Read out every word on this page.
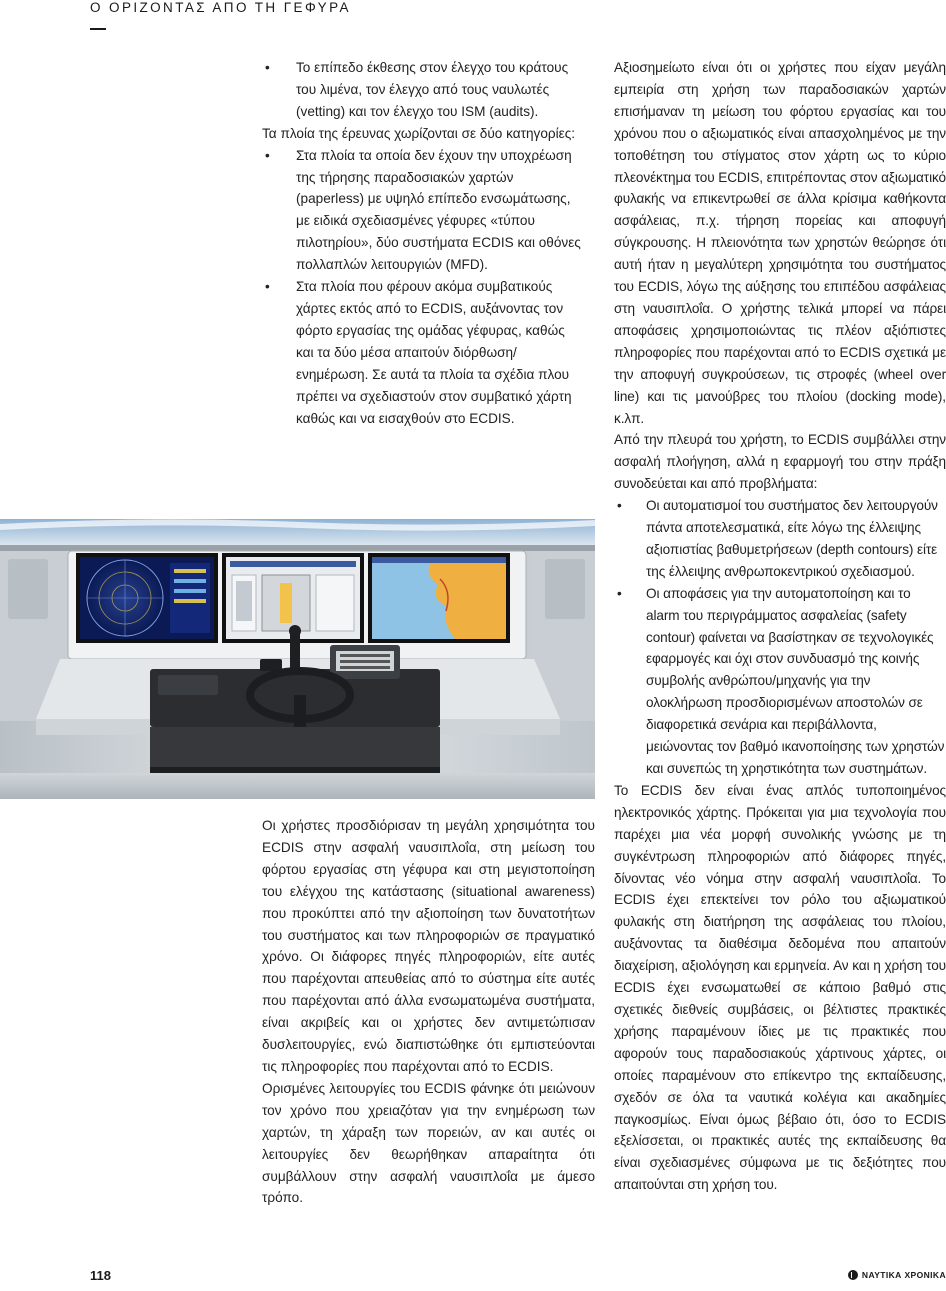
Ο ΟΡΙΖΟΝΤΑΣ ΑΠΟ ΤΗ ΓΕΦΥΡΑ
• Το επίπεδο έκθεσης στον έλεγχο του κράτους του λιμένα, τον έλεγχο από τους ναυλωτές (vetting) και τον έλεγχο του ISM (audits).

Τα πλοία της έρευνας χωρίζονται σε δύο κατηγορίες:

• Στα πλοία τα οποία δεν έχουν την υποχρέωση της τήρησης παραδοσιακών χαρτών (paperless) με υψηλό επίπεδο ενσωμάτωσης, με ειδικά σχεδιασμένες γέφυρες «τύπου πιλοτηρίου», δύο συστήματα ECDIS και οθόνες πολλαπλών λειτουργιών (MFD).
• Στα πλοία που φέρουν ακόμα συμβατικούς χάρτες εκτός από το ECDIS, αυξάνοντας τον φόρτο εργασίας της ομάδας γέφυρας, καθώς και τα δύο μέσα απαιτούν διόρθωση/ενημέρωση. Σε αυτά τα πλοία τα σχέδια πλου πρέπει να σχεδιαστούν στον συμβατικό χάρτη καθώς και να εισαχθούν στο ECDIS.

Οι χρήστες προσδιόρισαν τη μεγάλη χρησιμότητα του ECDIS στην ασφαλή ναυσιπλοΐα, στη μείωση του φόρτου εργασίας στη γέφυρα και στη μεγιστοποίηση του ελέγχου της κατάστασης (situational awareness) που προκύπτει από την αξιοποίηση των δυνατοτήτων του συστήματος και των πληροφοριών σε πραγματικό χρόνο. Οι διάφορες πηγές πληροφοριών, είτε αυτές που παρέχονται απευθείας από το σύστημα είτε αυτές που παρέχονται από άλλα ενσωματωμένα συστήματα, είναι ακριβείς και οι χρήστες δεν αντιμετώπισαν δυσλειτουργίες, ενώ διαπιστώθηκε ότι εμπιστεύονται τις πληροφορίες που παρέχονται από το ECDIS.

Ορισμένες λειτουργίες του ECDIS φάνηκε ότι μειώνουν τον χρόνο που χρειαζόταν για την ενημέρωση των χαρτών, τη χάραξη των πορειών, αν και αυτές οι λειτουργίες δεν θεωρήθηκαν απαραίτητα ότι συμβάλλουν στην ασφαλή ναυσιπλοΐα με άμεσο τρόπο.

Αξιοσημείωτο είναι ότι οι χρήστες που είχαν μεγάλη εμπειρία στη χρήση των παραδοσιακών χαρτών επισήμαναν τη μείωση του φόρτου εργασίας και του χρόνου που ο αξιωματικός είναι απασχολημένος με την τοποθέτηση του στίγματος στον χάρτη ως το κύριο πλεονέκτημα του ECDIS, επιτρέποντας στον αξιωματικό φυλακής να επικεντρωθεί σε άλλα κρίσιμα καθήκοντα ασφάλειας, π.χ. τήρηση πορείας και αποφυγή σύγκρουσης. Η πλειονότητα των χρηστών θεώρησε ότι αυτή ήταν η μεγαλύτερη χρησιμότητα του συστήματος του ECDIS, λόγω της αύξησης του επιπέδου ασφάλειας στη ναυσιπλοΐα. Ο χρήστης τελικά μπορεί να πάρει αποφάσεις χρησιμοποιώντας τις πλέον αξιόπιστες πληροφορίες που παρέχονται από το ECDIS σχετικά με την αποφυγή συγκρούσεων, τις στροφές (wheel over line) και τις μανούβρες του πλοίου (docking mode), κ.λπ.

Από την πλευρά του χρήστη, το ECDIS συμβάλλει στην ασφαλή πλοήγηση, αλλά η εφαρμογή του στην πράξη συνοδεύεται και από προβλήματα:

• Οι αυτοματισμοί του συστήματος δεν λειτουργούν πάντα αποτελεσματικά, είτε λόγω της έλλειψης αξιοπιστίας βαθυμετρήσεων (depth contours) είτε της έλλειψης ανθρωποκεντρικού σχεδιασμού.
• Οι αποφάσεις για την αυτοματοποίηση και το alarm του περιγράμματος ασφαλείας (safety contour) φαίνεται να βασίστηκαν σε τεχνολογικές εφαρμογές και όχι στον συνδυασμό της κοινής συμβολής ανθρώπου/μηχανής για την ολοκλήρωση προσδιορισμένων αποστολών σε διαφορετικά σενάρια και περιβάλλοντα, μειώνοντας τον βαθμό ικανοποίησης των χρηστών και συνεπώς τη χρηστικότητα των συστημάτων.

Το ECDIS δεν είναι ένας απλός τυποποιημένος ηλεκτρονικός χάρτης. Πρόκειται για μια τεχνολογία που παρέχει μια νέα μορφή συνολικής γνώσης με τη συγκέντρωση πληροφοριών από διάφορες πηγές, δίνοντας νέο νόημα στην ασφαλή ναυσιπλοΐα. Το ECDIS έχει επεκτείνει τον ρόλο του αξιωματικού φυλακής στη διατήρηση της ασφάλειας του πλοίου, αυξάνοντας τα διαθέσιμα δεδομένα που απαιτούν διαχείριση, αξιολόγηση και ερμηνεία. Αν και η χρήση του ECDIS έχει ενσωματωθεί σε κάποιο βαθμό στις σχετικές διεθνείς συμβάσεις, οι βέλτιστες πρακτικές χρήσης παραμένουν ίδιες με τις πρακτικές που αφορούν τους παραδοσιακούς χάρτινους χάρτες, οι οποίες παραμένουν στο επίκεντρο της εκπαίδευσης, σχεδόν σε όλα τα ναυτικά κολέγια και ακαδημίες παγκοσμίως. Είναι όμως βέβαιο ότι, όσο το ECDIS εξελίσσεται, οι πρακτικές αυτές της εκπαίδευσης θα είναι σχεδιασμένες σύμφωνα με τις δεξιότητες που απαιτούνται στη χρήση του.

118	ΝΑΥΤΙΚΑ ΧΡΟΝΙΚΑ
